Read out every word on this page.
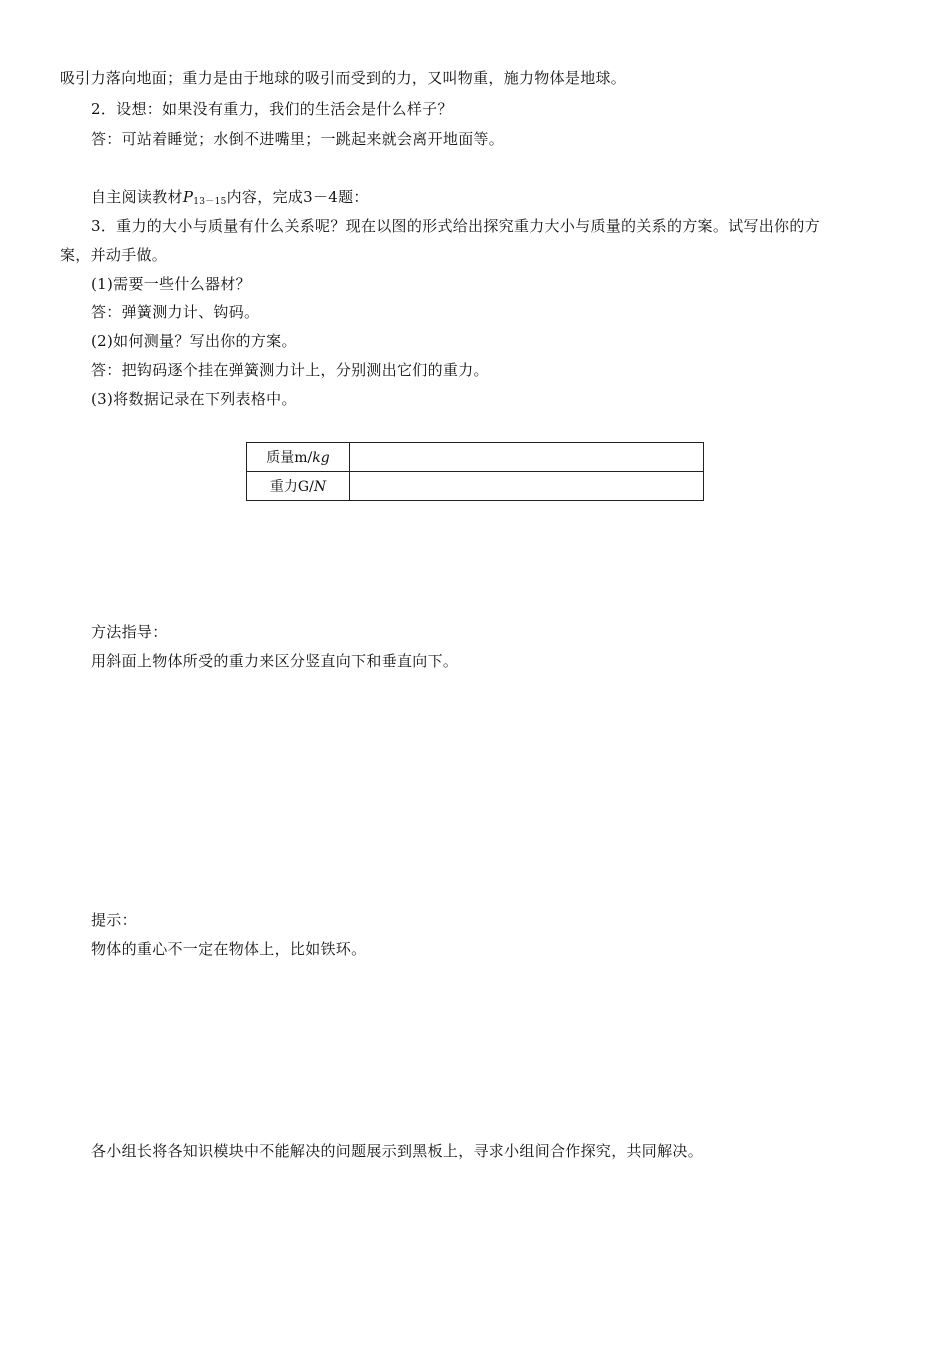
吸引力落向地面；重力是由于地球的吸引而受到的力，又叫物重，施力物体是地球。
2．设想：如果没有重力，我们的生活会是什么样子？
答：可站着睡觉；水倒不进嘴里；一跳起来就会离开地面等。
自主阅读教材$P_{13-15}$内容，完成3－4题：
3．重力的大小与质量有什么关系呢？现在以图的形式给出探究重力大小与质量的关系的方案。试写出你的方
案，并动手做。
(1)需要一些什么器材？
答：弹簧测力计、钩码。
(2)如何测量？写出你的方案。
答：把钩码逐个挂在弹簧测力计上，分别测出它们的重力。
(3)将数据记录在下列表格中。
质量m/kg	
重力G/N	
方法指导：
用斜面上物体所受的重力来区分竖直向下和垂直向下。
提示：
物体的重心不一定在物体上，比如铁环。
各小组长将各知识模块中不能解决的问题展示到黑板上，寻求小组间合作探究，共同解决。
